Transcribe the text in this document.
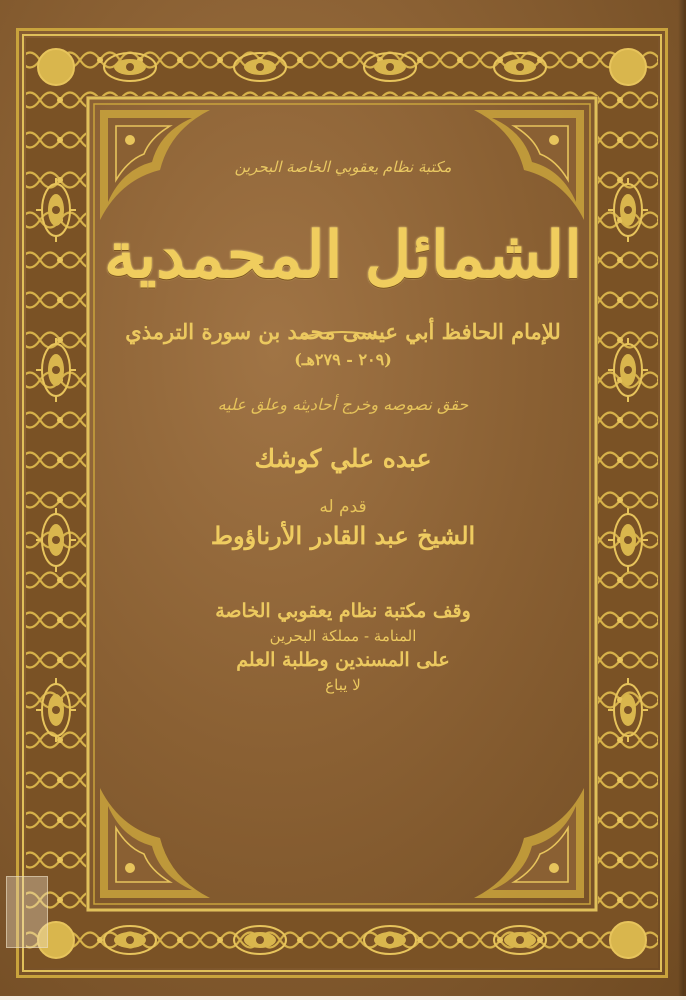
مكتبة نظام يعقوبي الخاصة البحرين
الشمائل المحمدية
للإمام الحافظ أبي عيسى محمد بن سورة الترمذي
(٢٠٩ - ٢٧٩هـ)
حقق نصوصه وخرج أحاديثه وعلق عليه
عبده علي كوشك
قدم له
الشيخ عبد القادر الأرناؤوط
وقف مكتبة نظام يعقوبي الخاصة
المنامة - مملكة البحرين
على المسندين وطلبة العلم
لا يباع
